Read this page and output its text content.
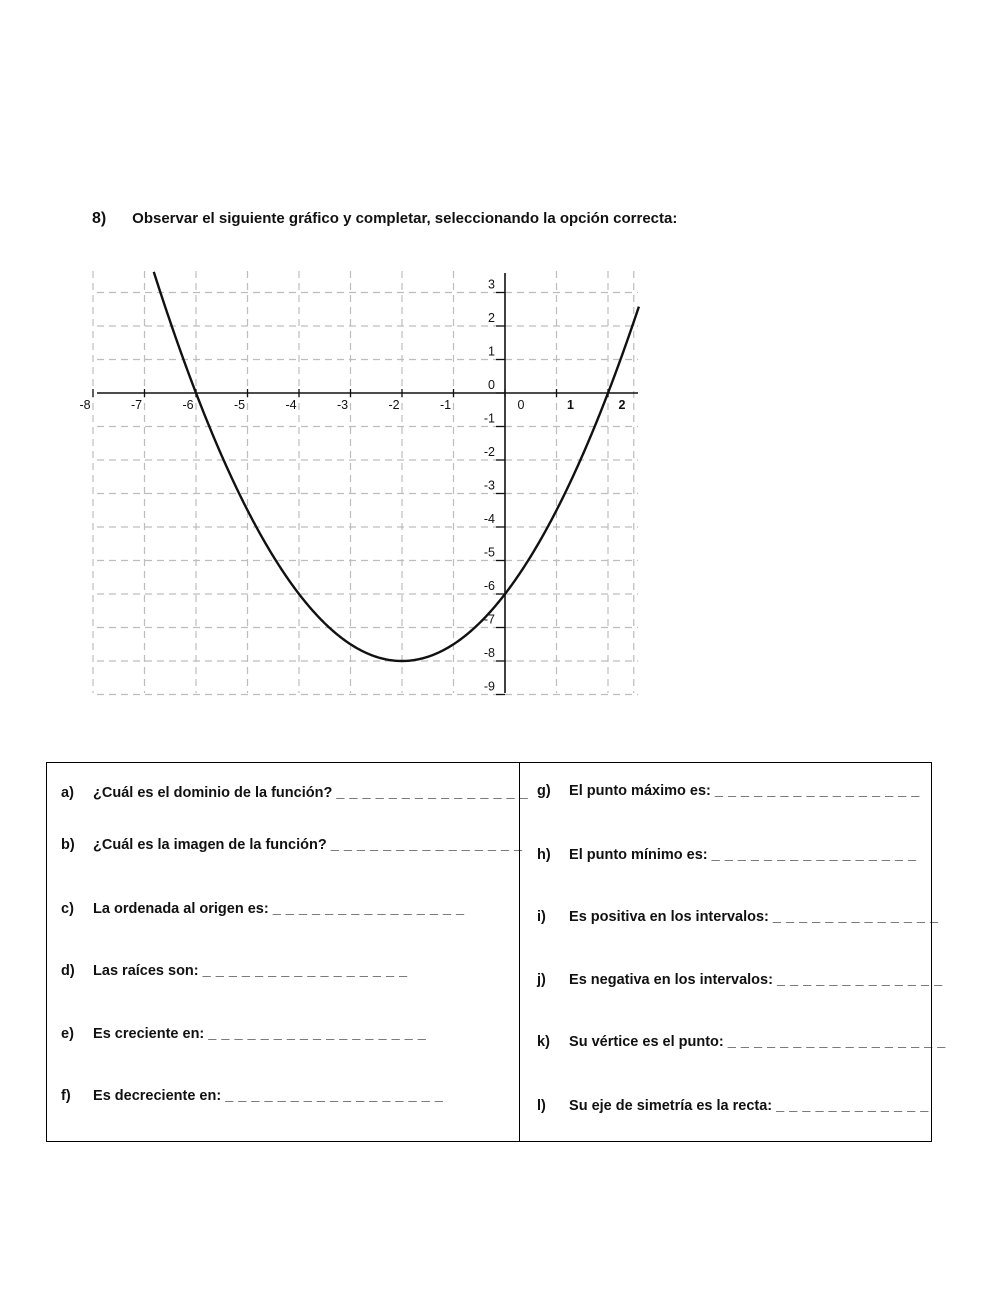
8) Observar el siguiente gráfico y completar, seleccionando la opción correcta:
-8	-7	-6	-5	-4	-3	-2	-1	0	1	2
3
2
1
0
-1
-2
-3
-4
-5
-6
-7
-8
-9
a) ¿Cuál es el dominio de la función? _ _ _ _ _ _ _ _ _ _ _ _ _ _ _
b) ¿Cuál es la imagen de la función? _ _ _ _ _ _ _ _ _ _ _ _ _ _ _
c) La ordenada al origen es: _ _ _ _ _ _ _ _ _ _ _ _ _ _ _
d) Las raíces son: _ _ _ _ _ _ _ _ _ _ _ _ _ _ _ _
e) Es creciente en: _ _ _ _ _ _ _ _ _ _ _ _ _ _ _ _ _
f) Es decreciente en: _ _ _ _ _ _ _ _ _ _ _ _ _ _ _ _ _
g) El punto máximo es: _ _ _ _ _ _ _ _ _ _ _ _ _ _ _ _
h) El punto mínimo es: _ _ _ _ _ _ _ _ _ _ _ _ _ _ _ _
i) Es positiva en los intervalos: _ _ _ _ _ _ _ _ _ _ _ _ _
j) Es negativa en los intervalos: _ _ _ _ _ _ _ _ _ _ _ _ _
k) Su vértice es el punto: _ _ _ _ _ _ _ _ _ _ _ _ _ _ _ _ _
l) Su eje de simetría es la recta: _ _ _ _ _ _ _ _ _ _ _ _
